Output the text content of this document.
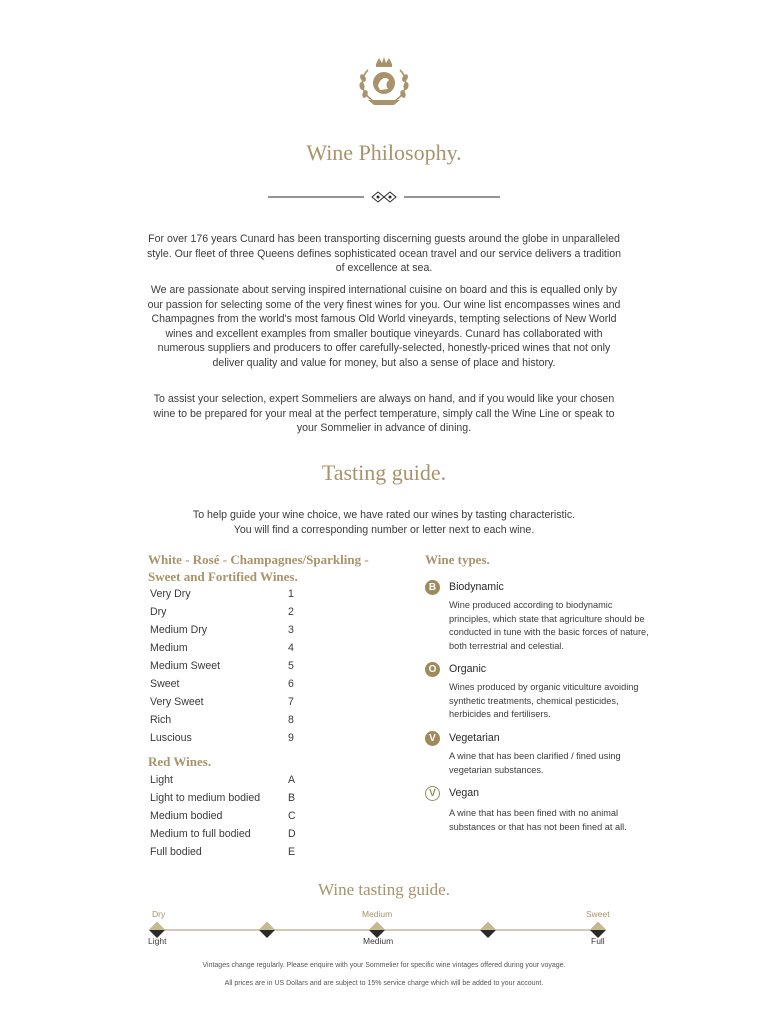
Wine Philosophy.

For over 176 years Cunard has been transporting discerning guests around the globe in unparalleled style. Our fleet of three Queens defines sophisticated ocean travel and our service delivers a tradition of excellence at sea.

We are passionate about serving inspired international cuisine on board and this is equalled only by our passion for selecting some of the very finest wines for you. Our wine list encompasses wines and Champagnes from the world's most famous Old World vineyards, tempting selections of New World wines and excellent examples from smaller boutique vineyards. Cunard has collaborated with numerous suppliers and producers to offer carefully-selected, honestly-priced wines that not only deliver quality and value for money, but also a sense of place and history.

To assist your selection, expert Sommeliers are always on hand, and if you would like your chosen wine to be prepared for your meal at the perfect temperature, simply call the Wine Line or speak to your Sommelier in advance of dining.

Tasting guide.

To help guide your wine choice, we have rated our wines by tasting characteristic.
You will find a corresponding number or letter next to each wine.

White - Rosé - Champagnes/Sparkling - Sweet and Fortified Wines.
Very Dry	1
Dry	2
Medium Dry	3
Medium	4
Medium Sweet	5
Sweet	6
Very Sweet	7
Rich	8
Luscious	9
Red Wines.
Light	A
Light to medium bodied	B
Medium bodied	C
Medium to full bodied	D
Full bodied	E
Wine types.
B	Biodynamic

Wine produced according to biodynamic principles, which state that agriculture should be conducted in tune with the basic forces of nature, both terrestrial and celestial.

O	Organic

Wines produced by organic viticulture avoiding synthetic treatments, chemical pesticides, herbicides and fertilisers.

V	Vegetarian

A wine that has been clarified / fined using vegetarian substances.

V	Vegan

A wine that has been fined with no animal substances or that has not been fined at all.

Wine tasting guide.
Dry	Medium	Sweet
Light	Medium	Full
Vintages change regularly. Please enquire with your Sommelier for specific wine vintages offered during your voyage.
All prices are in US Dollars and are subject to 15% service charge which will be added to your account.
